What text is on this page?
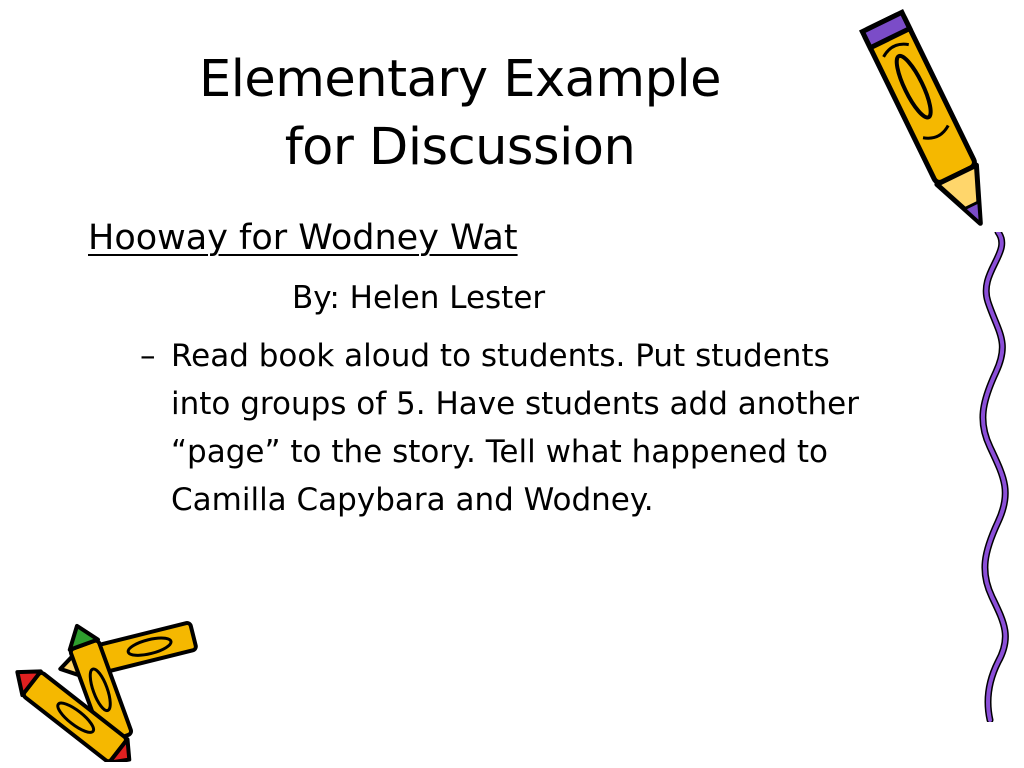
Elementary Example
for Discussion
Hooway for Wodney Wat
By: Helen Lester
– Read book aloud to students. Put students into groups of 5. Have students add another “page” to the story. Tell what happened to Camilla Capybara and Wodney.
